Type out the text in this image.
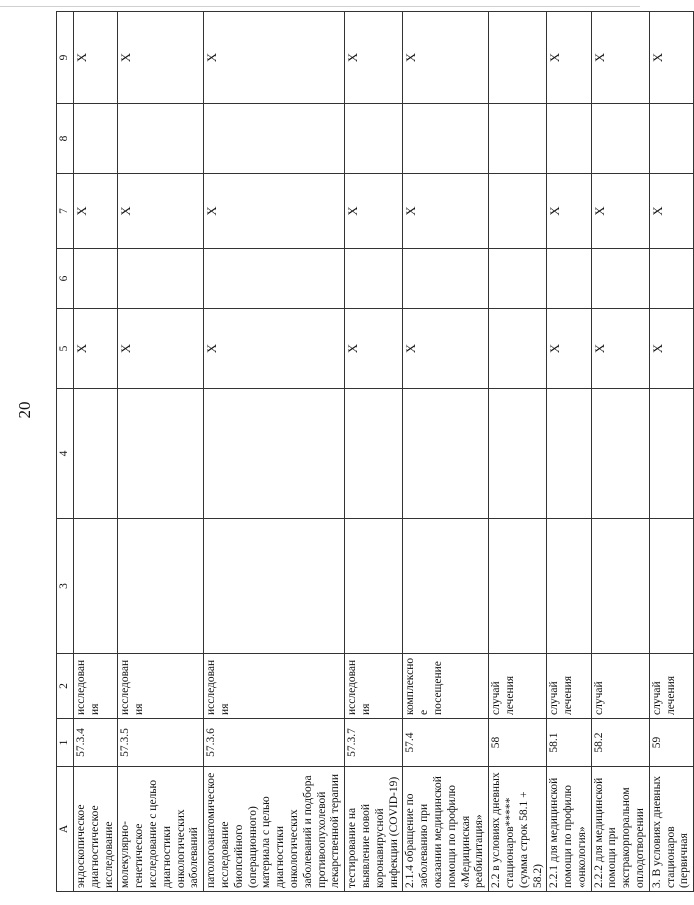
20
А	1	2	3	4	5	6	7	8	9
эндоскопическое диагностическое исследование	57.3.4	исследования			X		X		X
молекулярно-генетическое исследование с целью диагностики онкологических заболеваний	57.3.5	исследования			X		X		X
патологоанатомическое исследование биопсийного (операционного) материала с целью диагностики онкологических заболеваний и подбора противоопухолевой лекарственной терапии	57.3.6	исследования			X		X		X
тестирование на выявление новой коронавирусной инфекции (COVID-19)	57.3.7	исследования			X		X		X
2.1.4 обращение по заболеванию при оказании медицинской помощи по профилю «Медицинская реабилитация»	57.4	комплексное посещение			X		X		X
2.2 в условиях дневных стационаров***** (сумма строк 58.1 + 58.2)	58	случай лечения							
2.2.1 для медицинской помощи по профилю «онкология»	58.1	случай лечения			X		X		X
2.2.2 для медицинской помощи при экстракорпоральном оплодотворении	58.2	случай			X		X		X
3. В условиях дневных стационаров (первичная	59	случай лечения			X		X		X
